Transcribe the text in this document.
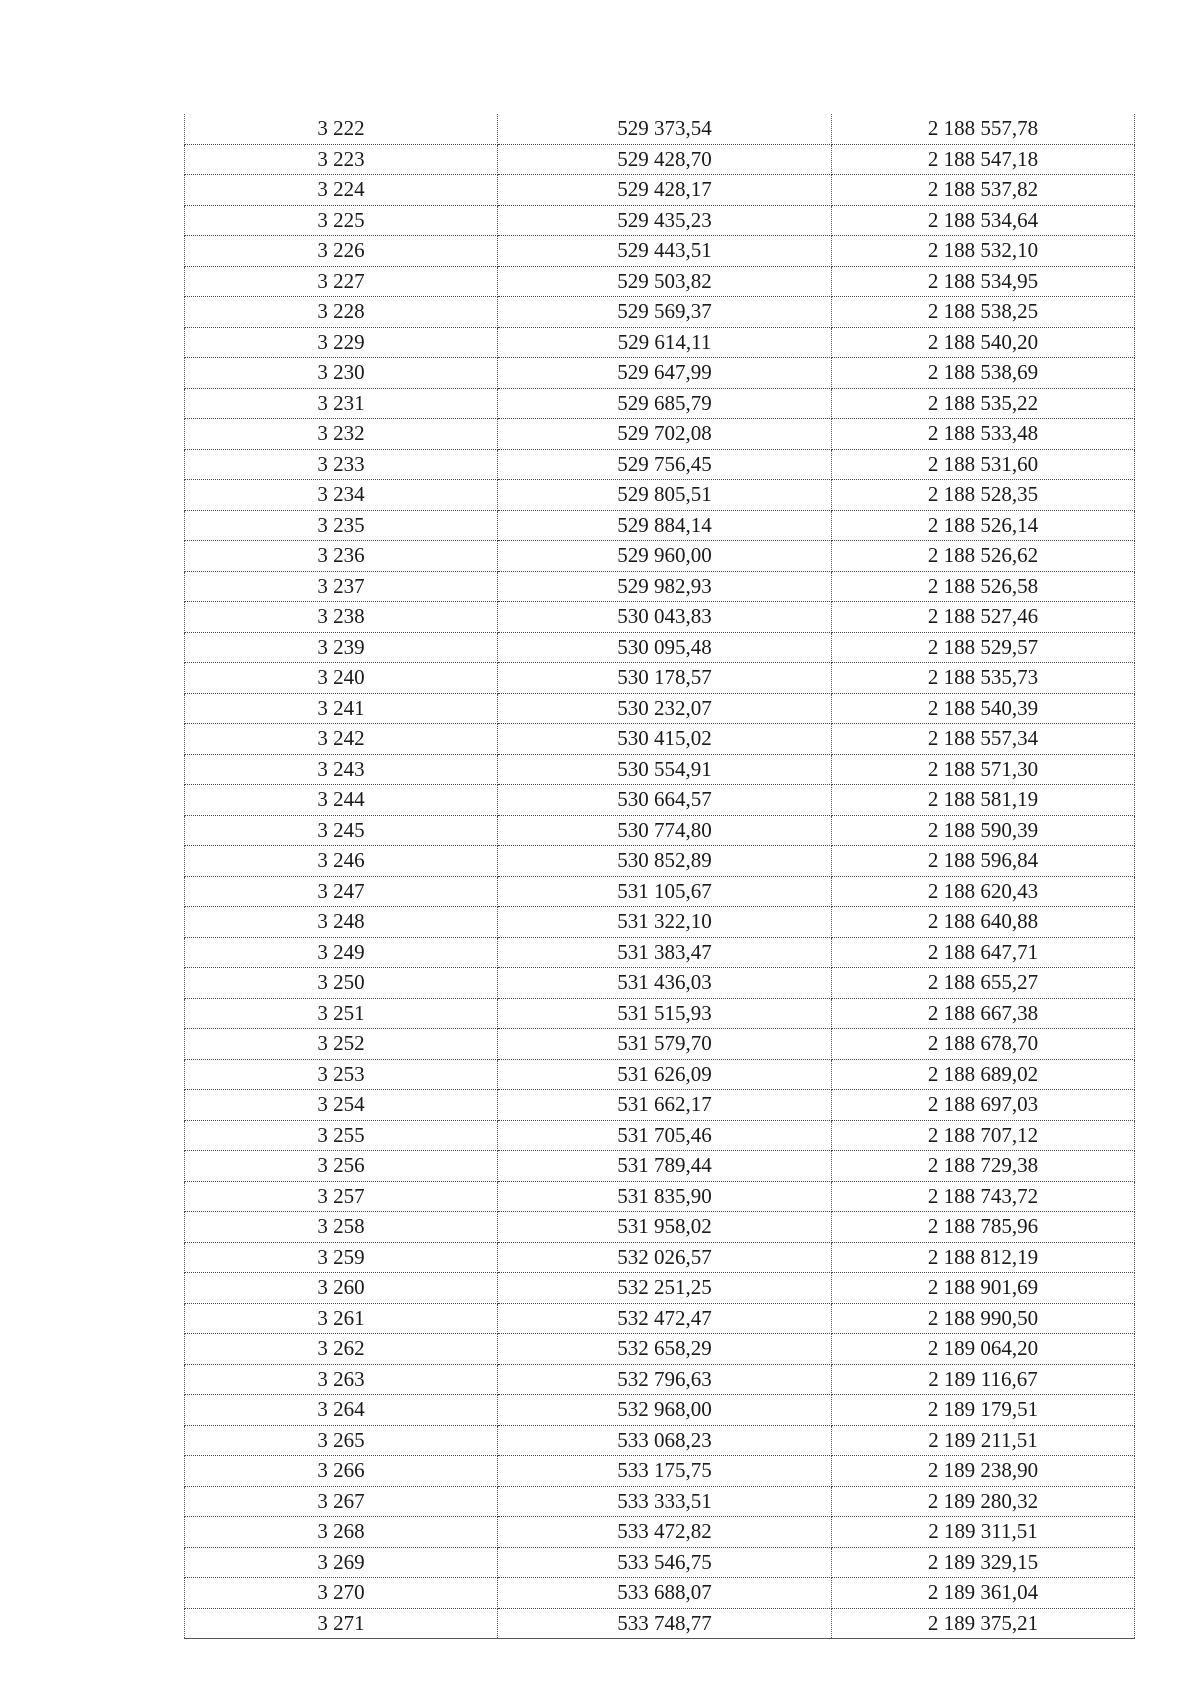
3 222	529 373,54	2 188 557,78
3 223	529 428,70	2 188 547,18
3 224	529 428,17	2 188 537,82
3 225	529 435,23	2 188 534,64
3 226	529 443,51	2 188 532,10
3 227	529 503,82	2 188 534,95
3 228	529 569,37	2 188 538,25
3 229	529 614,11	2 188 540,20
3 230	529 647,99	2 188 538,69
3 231	529 685,79	2 188 535,22
3 232	529 702,08	2 188 533,48
3 233	529 756,45	2 188 531,60
3 234	529 805,51	2 188 528,35
3 235	529 884,14	2 188 526,14
3 236	529 960,00	2 188 526,62
3 237	529 982,93	2 188 526,58
3 238	530 043,83	2 188 527,46
3 239	530 095,48	2 188 529,57
3 240	530 178,57	2 188 535,73
3 241	530 232,07	2 188 540,39
3 242	530 415,02	2 188 557,34
3 243	530 554,91	2 188 571,30
3 244	530 664,57	2 188 581,19
3 245	530 774,80	2 188 590,39
3 246	530 852,89	2 188 596,84
3 247	531 105,67	2 188 620,43
3 248	531 322,10	2 188 640,88
3 249	531 383,47	2 188 647,71
3 250	531 436,03	2 188 655,27
3 251	531 515,93	2 188 667,38
3 252	531 579,70	2 188 678,70
3 253	531 626,09	2 188 689,02
3 254	531 662,17	2 188 697,03
3 255	531 705,46	2 188 707,12
3 256	531 789,44	2 188 729,38
3 257	531 835,90	2 188 743,72
3 258	531 958,02	2 188 785,96
3 259	532 026,57	2 188 812,19
3 260	532 251,25	2 188 901,69
3 261	532 472,47	2 188 990,50
3 262	532 658,29	2 189 064,20
3 263	532 796,63	2 189 116,67
3 264	532 968,00	2 189 179,51
3 265	533 068,23	2 189 211,51
3 266	533 175,75	2 189 238,90
3 267	533 333,51	2 189 280,32
3 268	533 472,82	2 189 311,51
3 269	533 546,75	2 189 329,15
3 270	533 688,07	2 189 361,04
3 271	533 748,77	2 189 375,21
